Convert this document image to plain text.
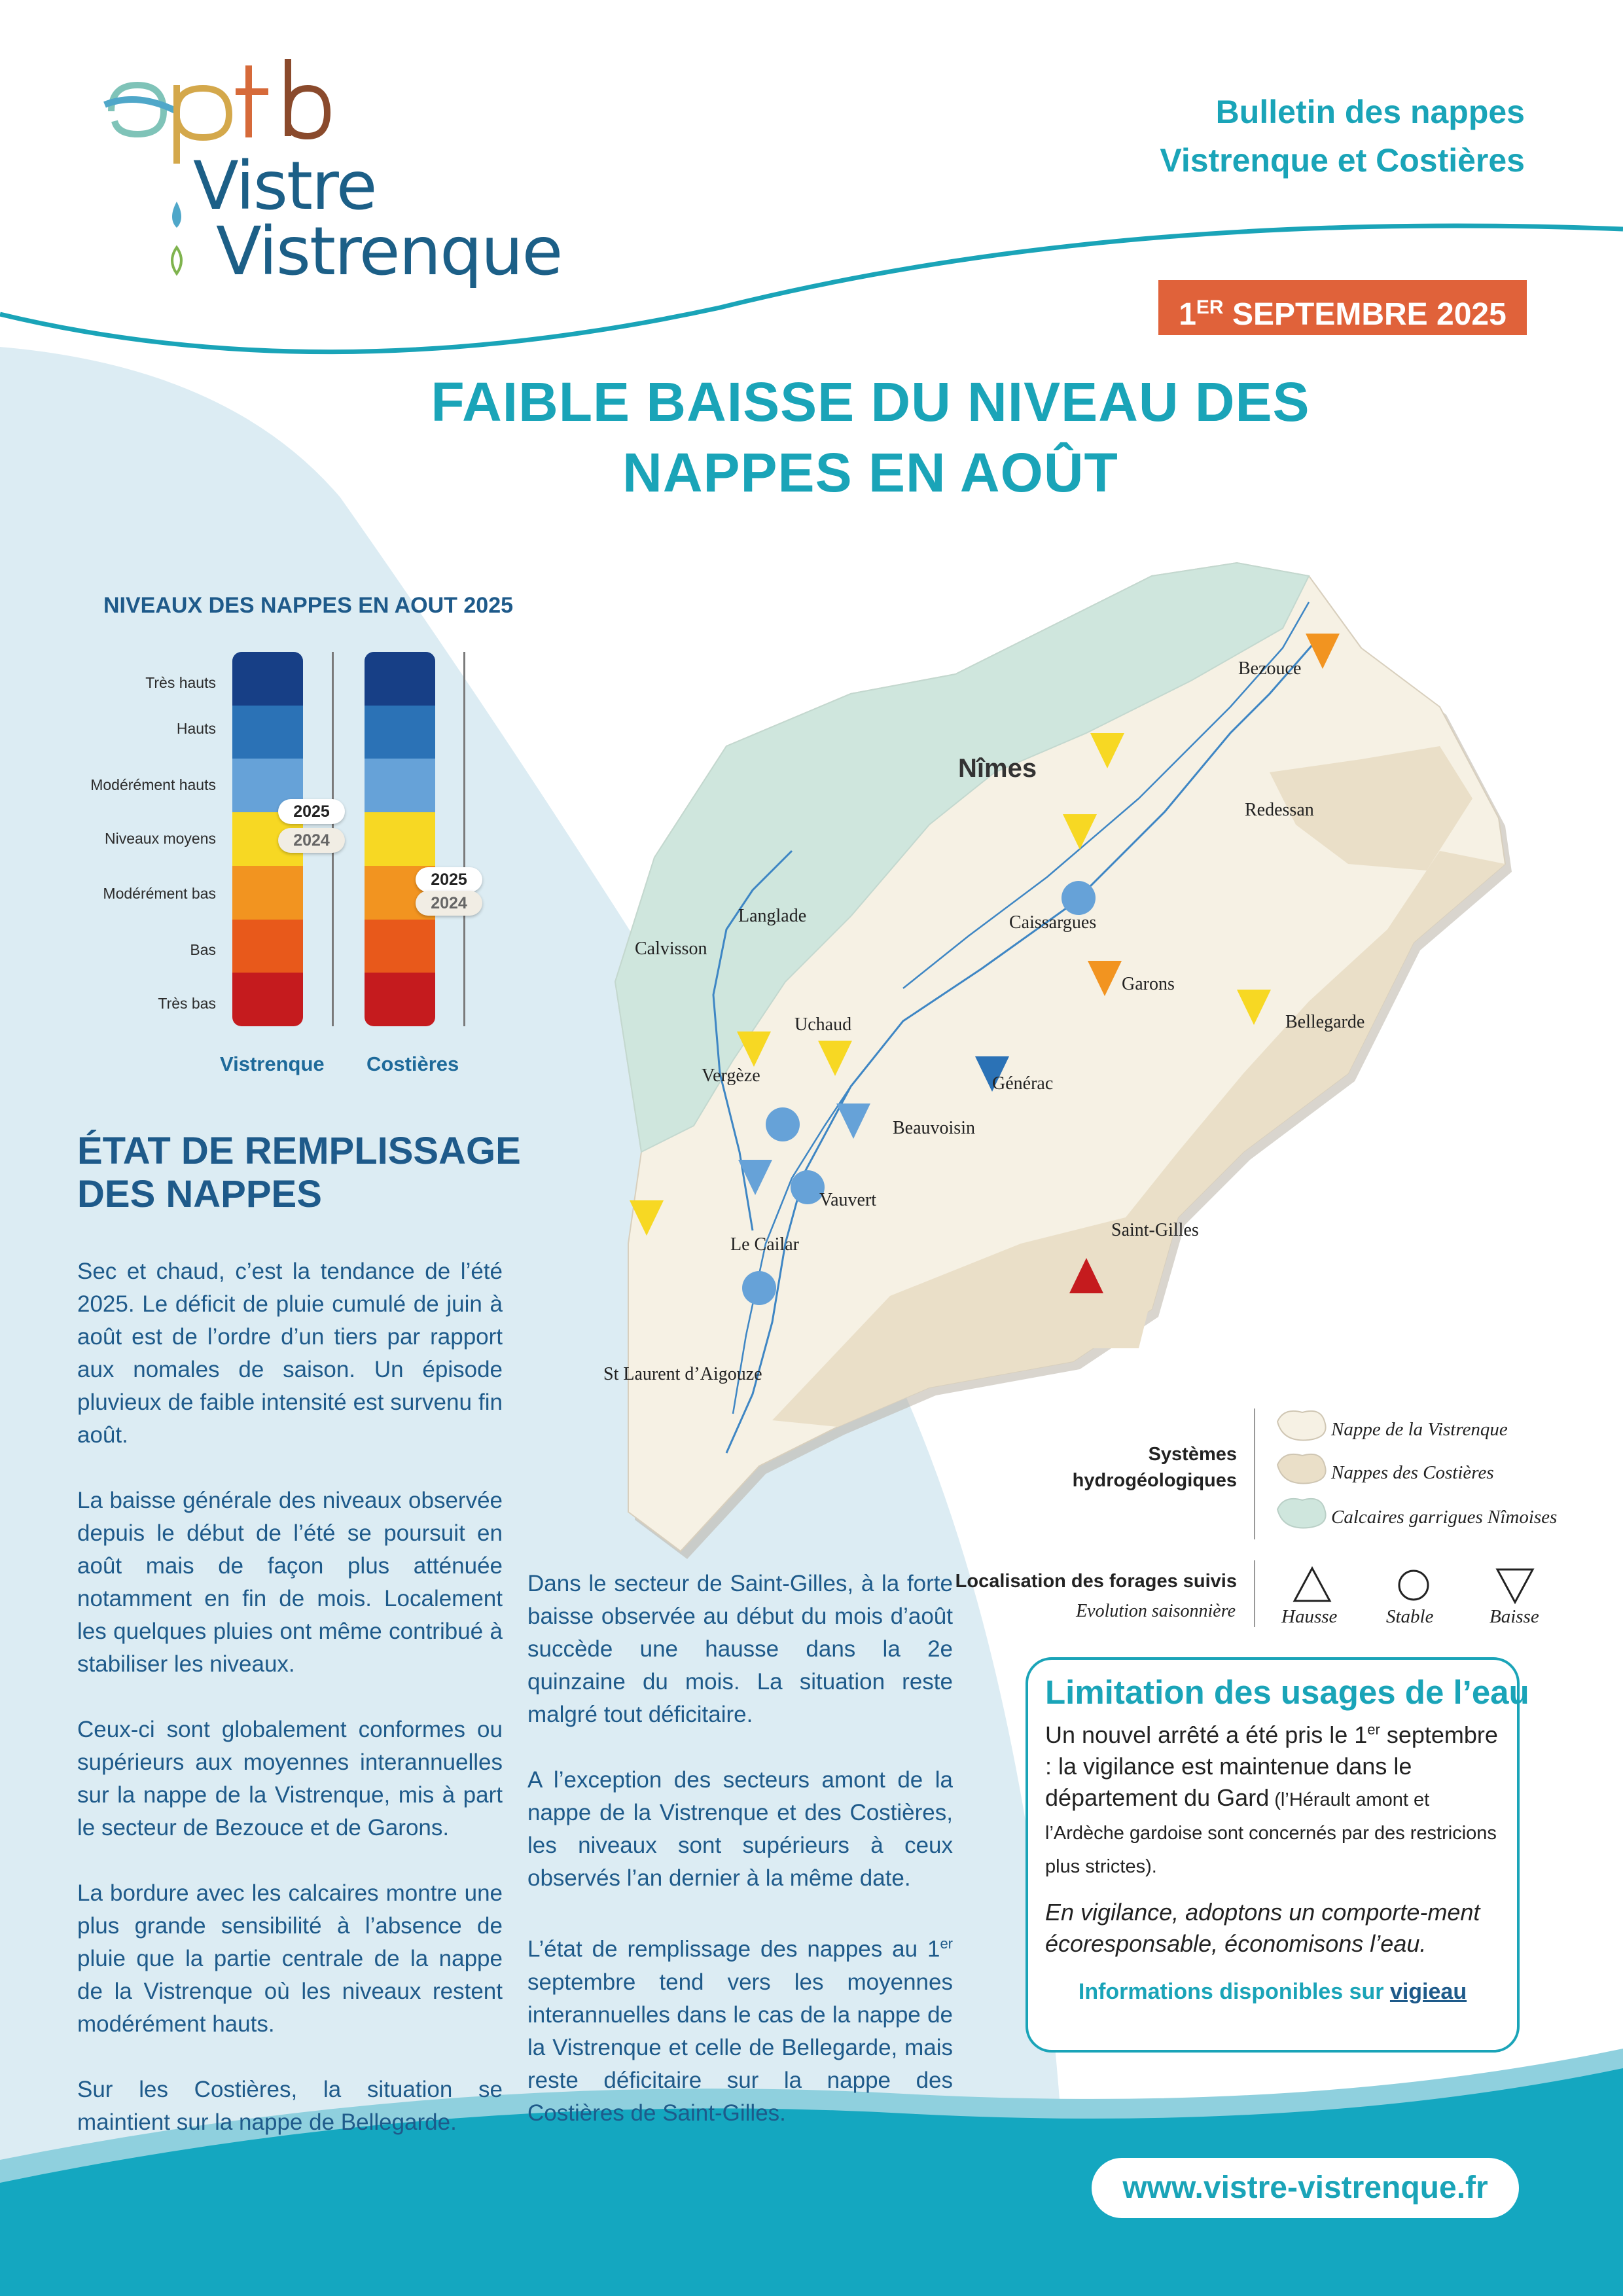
Vistre
Vistrenque
Bulletin des nappes
Vistrenque et Costières
1ER SEPTEMBRE 2025
FAIBLE BAISSE DU NIVEAU DES
NAPPES EN AOÛT
NIVEAUX DES NAPPES EN AOUT 2025
Très hauts
Hauts
Modérément hauts
Niveaux moyens
Modérément bas
Bas
Très bas
2025
2024
2025
2024
Vistrenque Costières
ÉTAT DE REMPLISSAGE
DES NAPPES

Sec et chaud, c’est la tendance de l’été 2025. Le déficit de pluie cumulé de juin à août est de l’ordre d’un tiers par rapport aux nomales de saison. Un épisode pluvieux de faible intensité est survenu fin août.

La baisse générale des niveaux observée depuis le début de l’été se poursuit en août mais de façon plus atténuée notamment en fin de mois. Localement les quelques pluies ont même contribué à stabiliser les niveaux.

Ceux-ci sont globalement conformes ou supérieurs aux moyennes interannuelles sur la nappe de la Vistrenque, mis à part le secteur de Bezouce et de Garons.

La bordure avec les calcaires montre une plus grande sensibilité à l’absence de pluie que la partie centrale de la nappe de la Vistrenque où les niveaux restent modérément hauts.

Sur les Costières, la situation se maintient sur la nappe de Bellegarde.

Dans le secteur de Saint-Gilles, à la forte baisse observée au début du mois d’août succède une hausse dans la 2e quinzaine du mois. La situation reste malgré tout déficitaire.

A l’exception des secteurs amont de la nappe de la Vistrenque et des Costières, les niveaux sont supérieurs à ceux observés l’an dernier à la même date.

L’état de remplissage des nappes au 1er septembre tend vers les moyennes interannuelles dans le cas de la nappe de la Vistrenque et celle de Bellegarde, mais reste déficitaire sur la nappe des Costières de Saint-Gilles.

Nîmes
Bezouce
Redessan
Caissargues
Garons
Bellegarde
Langlade
Calvisson
Uchaud
Vergèze	Générac
Beauvoisin
Vauvert
Le Cailar
Saint-Gilles
St Laurent d’Aigouze
Systèmes
hydrogéologiques
Nappe de la Vistrenque
Nappes des Costières
Calcaires garrigues Nîmoises
Localisation des forages suivis
Evolution saisonnière Hausse	Stable	Baisse
Limitation des usages de l’eau
Un nouvel arrêté a été pris le 1er septembre : la vigilance est maintenue dans le département du Gard (l’Hérault amont et l’Ardèche gardoise sont concernés par des restricions plus strictes).
En vigilance, adoptons un comporte-ment écoresponsable, économisons l’eau.
Informations disponibles sur vigieau
www.vistre-vistrenque.fr
